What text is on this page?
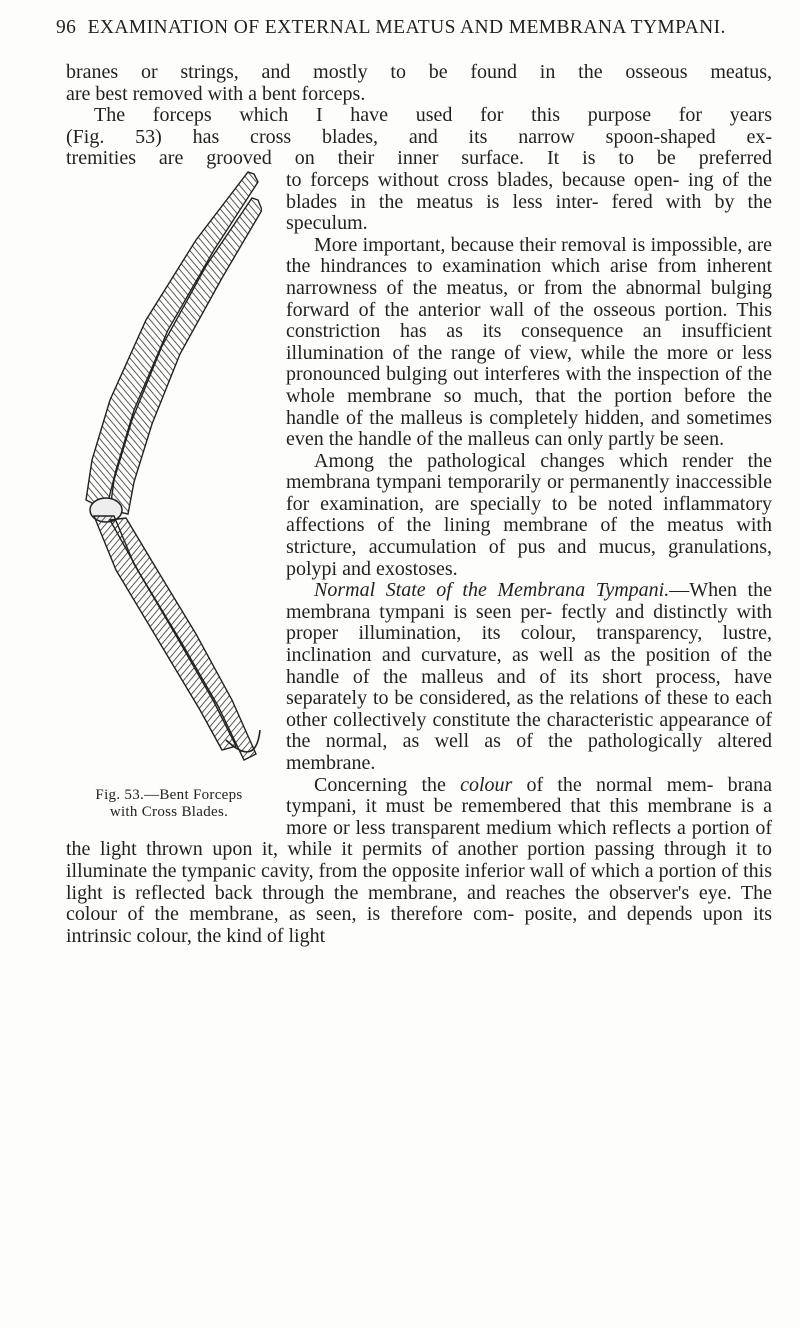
96 EXAMINATION OF EXTERNAL MEATUS AND MEMBRANA TYMPANI.
branes or strings, and mostly to be found in the osseous meatus,
are best removed with a bent forceps.
The forceps which I have used for this purpose for years
(Fig. 53) has cross blades, and its narrow spoon-shaped ex-
tremities are grooved on their inner surface. It is to be preferred
Fig. 53.—Bent Forceps
with Cross Blades.

to forceps without cross blades, because open- ing of the blades in the meatus is less inter- fered with by the speculum.

More important, because their removal is impossible, are the hindrances to examination which arise from inherent narrowness of the meatus, or from the abnormal bulging forward of the anterior wall of the osseous portion. This constriction has as its consequence an insufficient illumination of the range of view, while the more or less pronounced bulging out interferes with the inspection of the whole membrane so much, that the portion before the handle of the malleus is completely hidden, and sometimes even the handle of the malleus can only partly be seen.

Among the pathological changes which render the membrana tympani temporarily or permanently inaccessible for examination, are specially to be noted inflammatory affections of the lining membrane of the meatus with stricture, accumulation of pus and mucus, granulations, polypi and exostoses.

Normal State of the Membrana Tympani.—When the membrana tympani is seen per- fectly and distinctly with proper illumination, its colour, transparency, lustre, inclination and curvature, as well as the position of the handle of the malleus and of its short process, have separately to be considered, as the relations of these to each other collectively constitute the characteristic appearance of the normal, as well as of the pathologically altered membrane.

Concerning the colour of the normal mem- brana tympani, it must be remembered that this membrane is a more or less transparent medium which reflects a portion of the light thrown upon it, while it permits of another portion passing through it to illuminate the tympanic cavity, from the opposite inferior wall of which a portion of this light is reflected back through the membrane, and reaches the observer's eye. The colour of the membrane, as seen, is therefore com- posite, and depends upon its intrinsic colour, the kind of light
